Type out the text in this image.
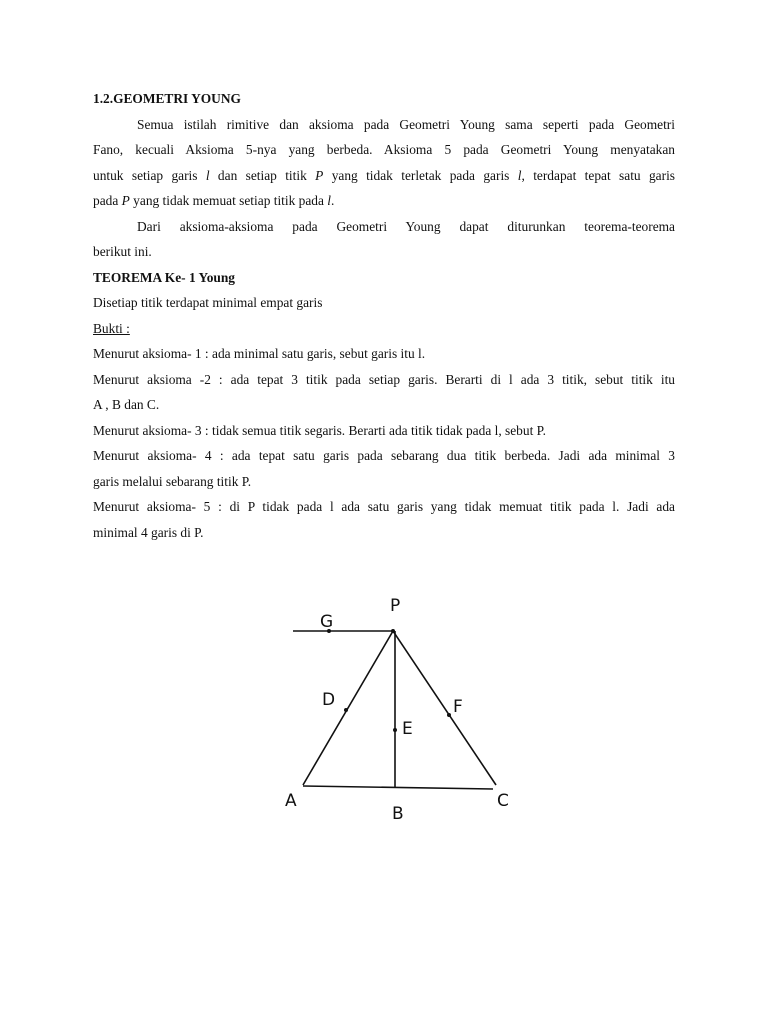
1.2.GEOMETRI YOUNG
Semua istilah rimitive dan aksioma pada Geometri Young sama seperti pada Geometri
Fano, kecuali Aksioma 5-nya yang berbeda. Aksioma 5 pada Geometri Young menyatakan
untuk setiap garis l dan setiap titik P yang tidak terletak pada garis l, terdapat tepat satu garis
pada P yang tidak memuat setiap titik pada l.
Dari aksiomа-aksioma pada Geometri Young dapat diturunkan teorema-teorema
berikut ini.
TEOREMA Ke- 1 Young
Disetiap titik terdapat minimal empat garis
Bukti :
Menurut aksioma- 1 : ada minimal satu garis, sebut garis itu l.
Menurut aksioma -2 : ada tepat 3 titik pada setiap garis. Berarti di l ada 3 titik, sebut titik itu
A , B dan C.
Menurut aksioma- 3 : tidak semua titik segaris. Berarti ada titik tidak pada l, sebut P.
Menurut aksioma- 4 : ada tepat satu garis pada sebarang dua titik berbeda. Jadi ada minimal 3
garis melalui sebarang titik P.
Menurut aksioma- 5 : di P tidak pada l ada satu garis yang tidak memuat titik pada l. Jadi ada
minimal 4 garis di P.
G
P
D
E
F
A
B
C
